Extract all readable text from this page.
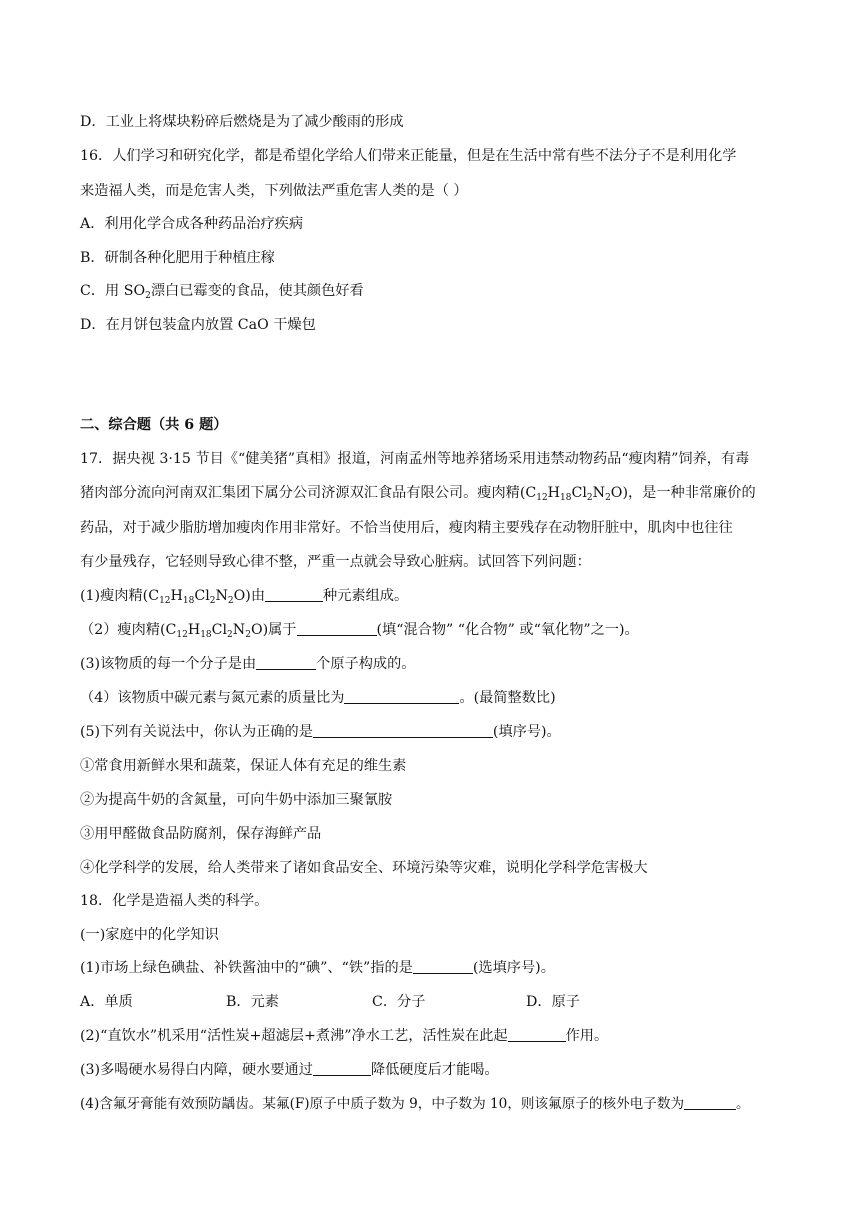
D．工业上将煤块粉碎后燃烧是为了减少酸雨的形成
16．人们学习和研究化学，都是希望化学给人们带来正能量，但是在生活中常有些不法分子不是利用化学
来造福人类，而是危害人类，下列做法严重危害人类的是（ ）
A．利用化学合成各种药品治疗疾病
B．研制各种化肥用于种植庄稼
C．用 $SO_2$漂白已霉变的食品，使其颜色好看
D．在月饼包装盒内放置 CaO 干燥包
二、综合题（共 6 题）
17．据央视 3·15 节目《“健美猪”真相》报道，河南孟州等地养猪场采用违禁动物药品“瘦肉精”饲养，有毒
猪肉部分流向河南双汇集团下属分公司济源双汇食品有限公司。瘦肉精$(C_{12}H_{18}Cl_2N_2O)$，是一种非常廉价的
药品，对于减少脂肪增加瘦肉作用非常好。不恰当使用后，瘦肉精主要残存在动物肝脏中，肌肉中也往往
有少量残存，它轻则导致心律不整，严重一点就会导致心脏病。试回答下列问题：
(1)瘦肉精$(C_{12}H_{18}Cl_2N_2O)$由	种元素组成。
（2）瘦肉精$(C_{12}H_{18}Cl_2N_2O)$属于	(填“混合物” “化合物” 或“氧化物”之一)。
(3)该物质的每一个分子是由	个原子构成的。
（4）该物质中碳元素与氮元素的质量比为	。(最简整数比)
(5)下列有关说法中，你认为正确的是	(填序号)。
①常食用新鲜水果和蔬菜，保证人体有充足的维生素
②为提高牛奶的含氮量，可向牛奶中添加三聚氰胺
③用甲醛做食品防腐剂，保存海鲜产品
④化学科学的发展，给人类带来了诸如食品安全、环境污染等灾难，说明化学科学危害极大
18．化学是造福人类的科学。
(一)家庭中的化学知识
(1)市场上绿色碘盐、补铁酱油中的“碘”、“铁”指的是	(选填序号)。
A．单质	B．元素	C．分子	D．原子
(2)“直饮水”机采用“活性炭+超滤层+煮沸”净水工艺，活性炭在此起	作用。
(3)多喝硬水易得白内障，硬水要通过	降低硬度后才能喝。
(4)含氟牙膏能有效预防龋齿。某氟(F)原子中质子数为 9，中子数为 10，则该氟原子的核外电子数为	。
